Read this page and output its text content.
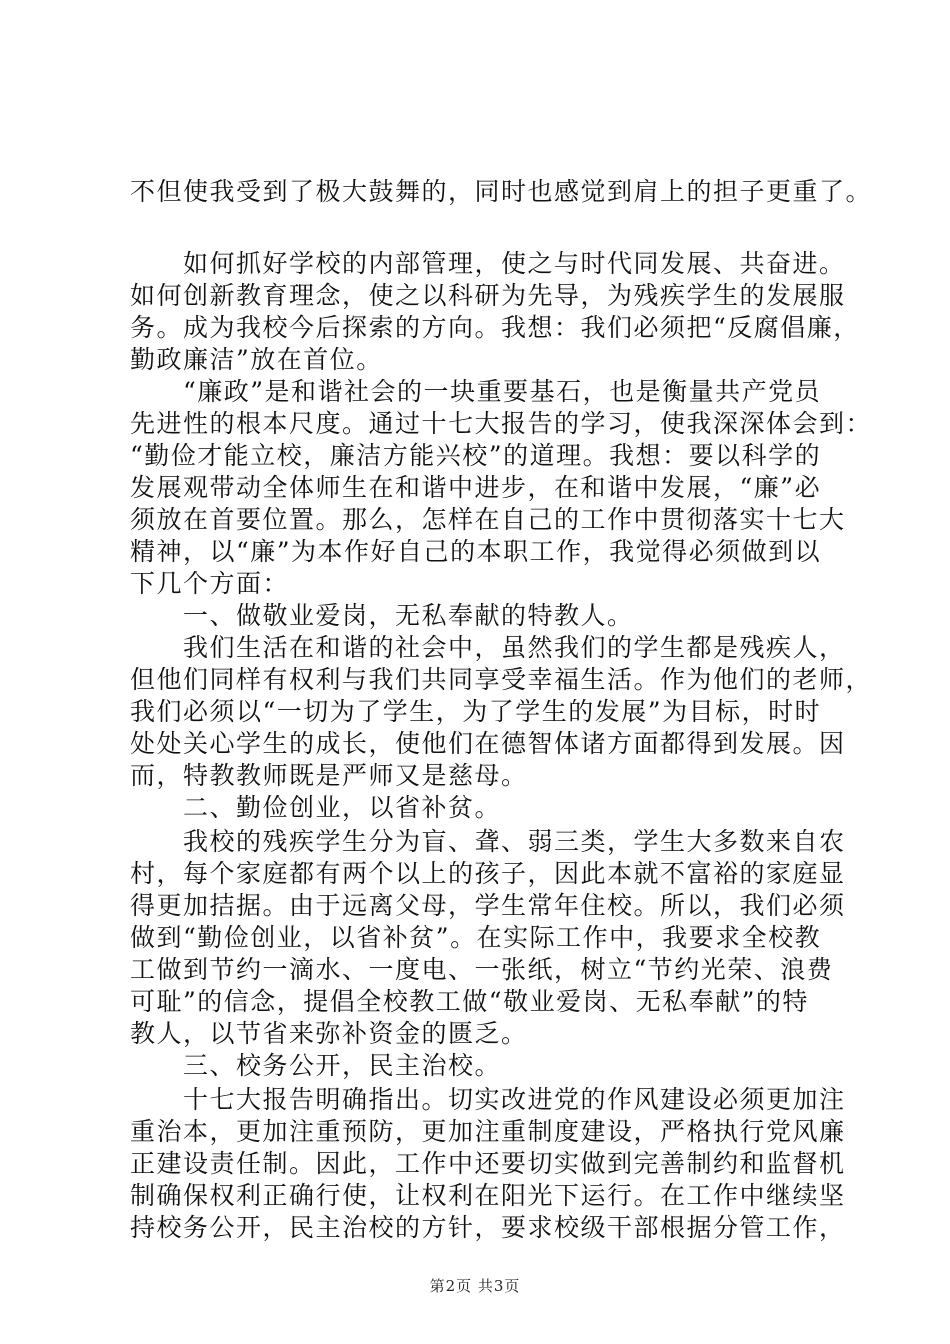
不但使我受到了极大鼓舞的，同时也感觉到肩上的担子更重了。
　　如何抓好学校的内部管理，使之与时代同发展、共奋进。
如何创新教育理念，使之以科研为先导，为残疾学生的发展服
务。成为我校今后探索的方向。我想：我们必须把“反腐倡廉，
勤政廉洁”放在首位。
　　“廉政”是和谐社会的一块重要基石，也是衡量共产党员
先进性的根本尺度。通过十七大报告的学习，使我深深体会到：
“勤俭才能立校，廉洁方能兴校”的道理。我想：要以科学的
发展观带动全体师生在和谐中进步，在和谐中发展，“廉”必
须放在首要位置。那么，怎样在自己的工作中贯彻落实十七大
精神，以“廉”为本作好自己的本职工作，我觉得必须做到以
下几个方面：
　　一、做敬业爱岗，无私奉献的特教人。
　　我们生活在和谐的社会中，虽然我们的学生都是残疾人，
但他们同样有权利与我们共同享受幸福生活。作为他们的老师，
我们必须以“一切为了学生，为了学生的发展”为目标，时时
处处关心学生的成长，使他们在德智体诸方面都得到发展。因
而，特教教师既是严师又是慈母。
　　二、勤俭创业，以省补贫。
　　我校的残疾学生分为盲、聋、弱三类，学生大多数来自农
村，每个家庭都有两个以上的孩子，因此本就不富裕的家庭显
得更加拮据。由于远离父母，学生常年住校。所以，我们必须
做到“勤俭创业，以省补贫”。在实际工作中，我要求全校教
工做到节约一滴水、一度电、一张纸，树立“节约光荣、浪费
可耻”的信念，提倡全校教工做“敬业爱岗、无私奉献”的特
教人，以节省来弥补资金的匮乏。
　　三、校务公开，民主治校。
　　十七大报告明确指出。切实改进党的作风建设必须更加注
重治本，更加注重预防，更加注重制度建设，严格执行党风廉
正建设责任制。因此，工作中还要切实做到完善制约和监督机
制确保权利正确行使，让权利在阳光下运行。在工作中继续坚
持校务公开，民主治校的方针，要求校级干部根据分管工作，
第2页 共3页
